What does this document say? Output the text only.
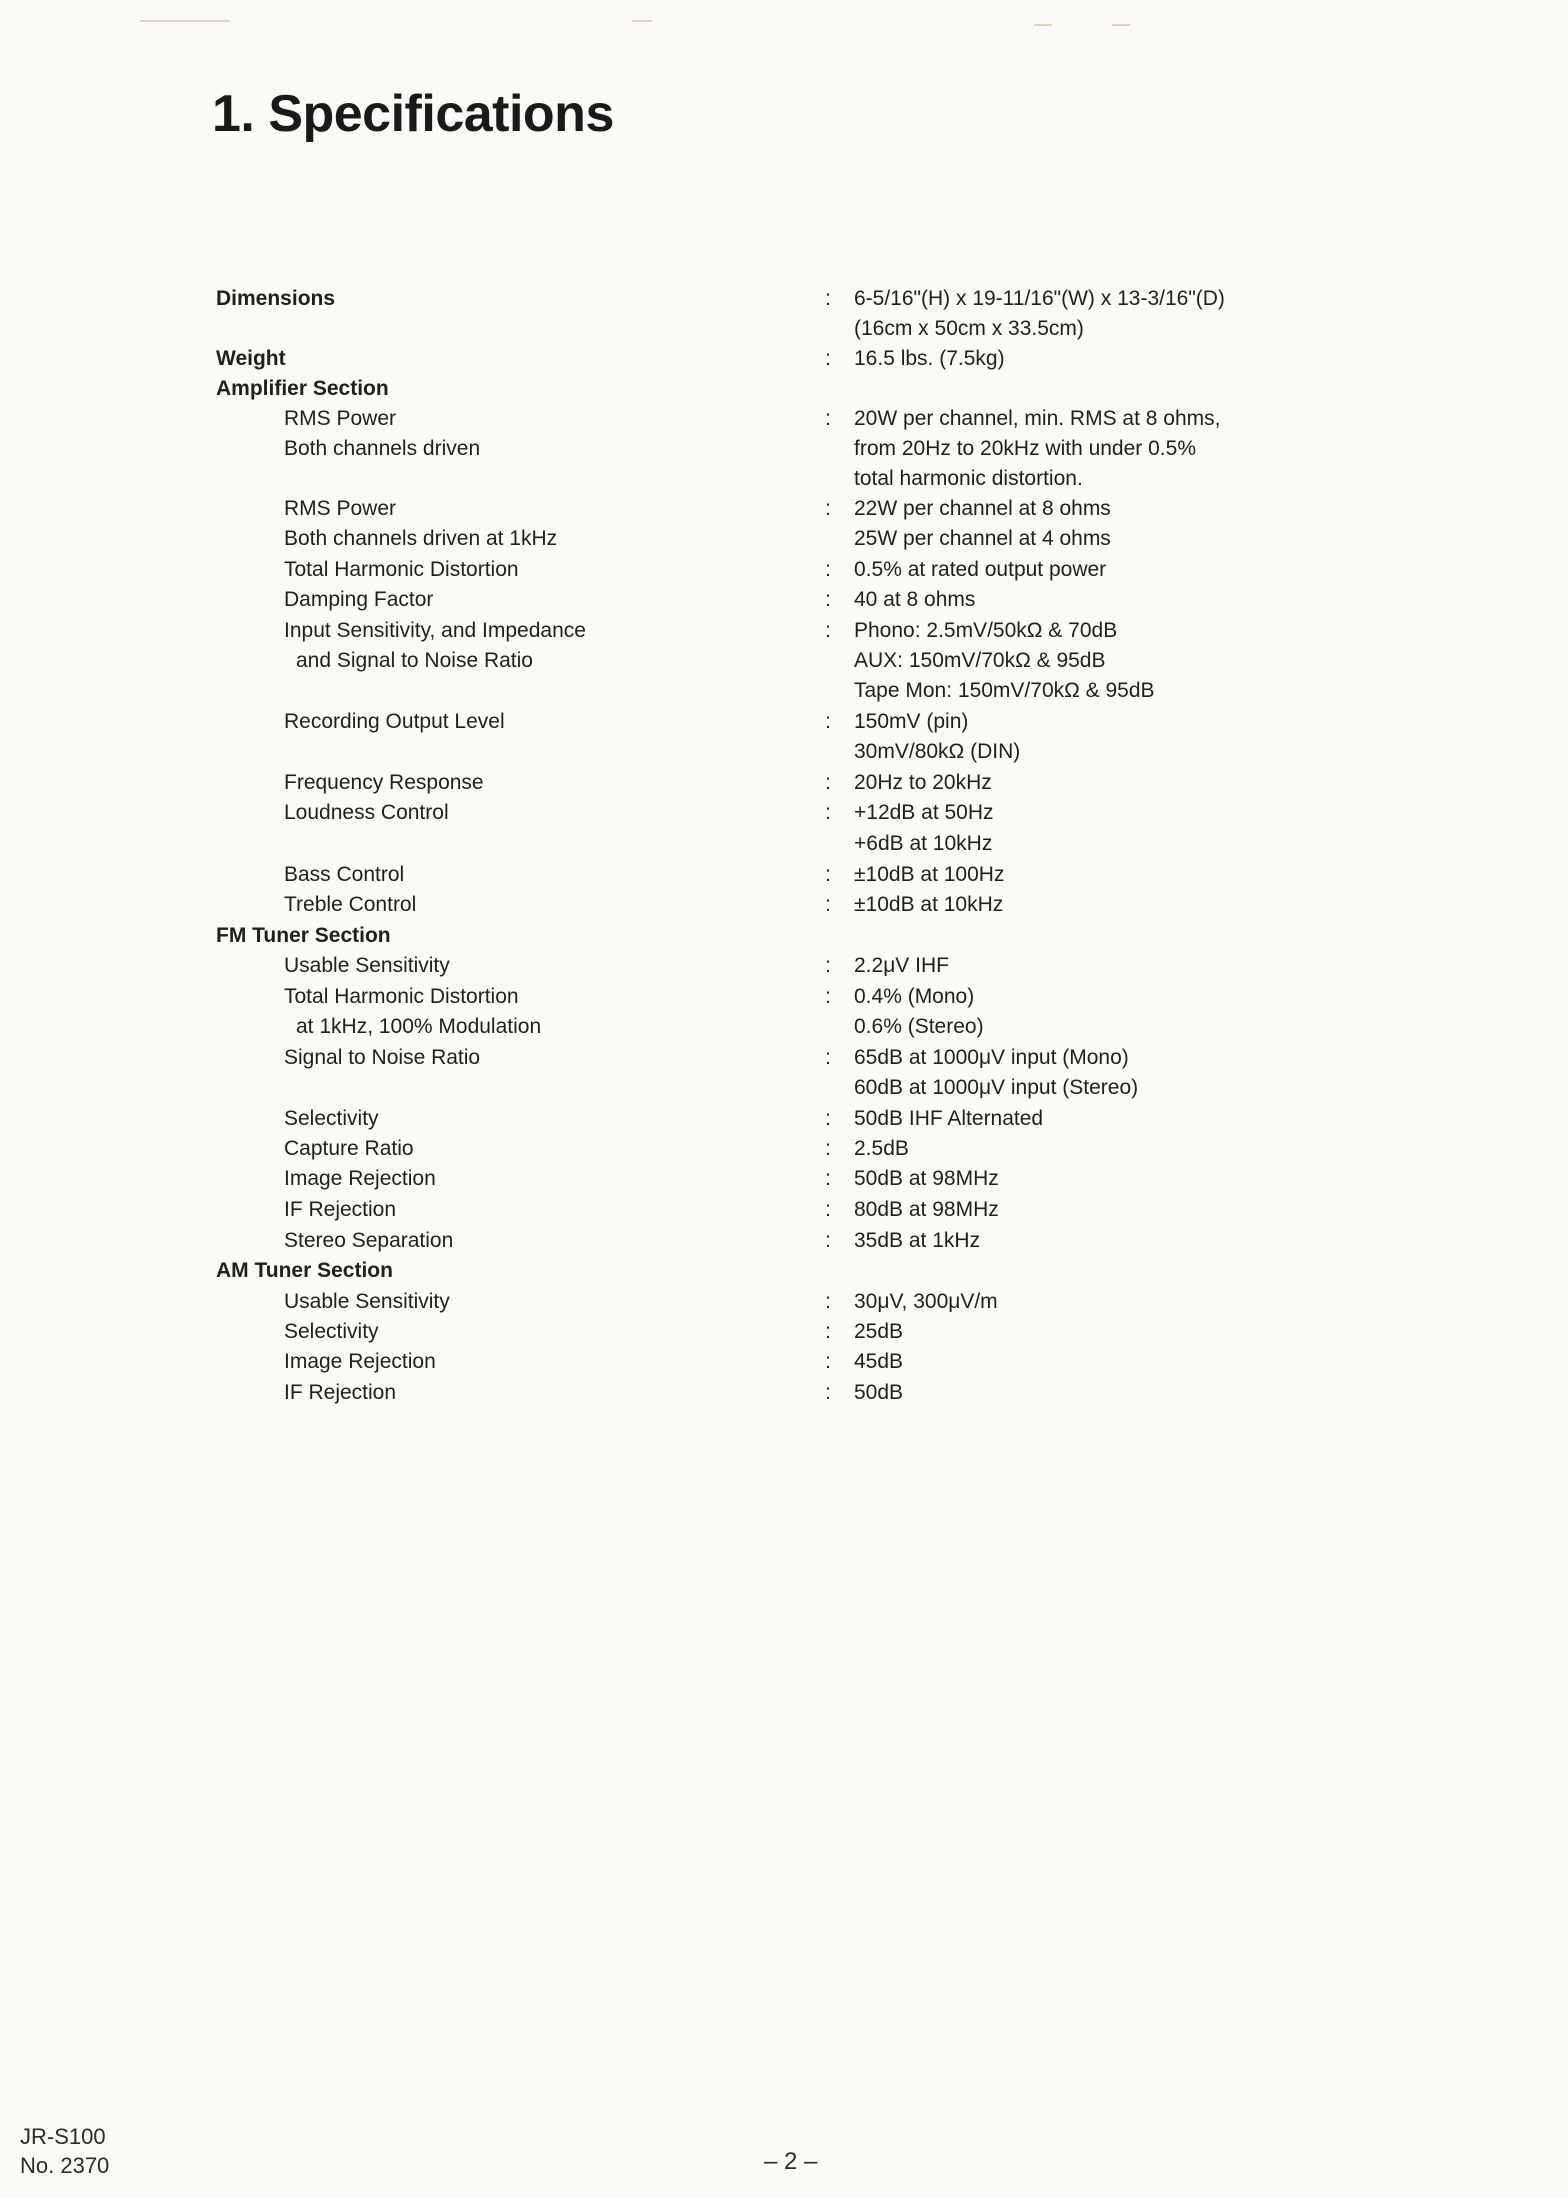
1. Specifications
Dimensions	: 6-5/16"(H) x 19-11/16"(W) x 13-3/16"(D)
(16cm x 50cm x 33.5cm)
Weight	: 16.5 lbs. (7.5kg)
Amplifier Section
RMS Power	: 20W per channel, min. RMS at 8 ohms,
Both channels driven	from 20Hz to 20kHz with under 0.5%
total harmonic distortion.
RMS Power	: 22W per channel at 8 ohms
Both channels driven at 1kHz	25W per channel at 4 ohms
Total Harmonic Distortion	: 0.5% at rated output power
Damping Factor	: 40 at 8 ohms
Input Sensitivity, and Impedance	: Phono: 2.5mV/50kΩ & 70dB
and Signal to Noise Ratio	AUX: 150mV/70kΩ & 95dB
Tape Mon: 150mV/70kΩ & 95dB
Recording Output Level	: 150mV (pin)
30mV/80kΩ (DIN)
Frequency Response	: 20Hz to 20kHz
Loudness Control	: +12dB at 50Hz
+6dB at 10kHz
Bass Control	: ±10dB at 100Hz
Treble Control	: ±10dB at 10kHz
FM Tuner Section
Usable Sensitivity	: 2.2μV IHF
Total Harmonic Distortion	: 0.4% (Mono)
at 1kHz, 100% Modulation	0.6% (Stereo)
Signal to Noise Ratio	: 65dB at 1000μV input (Mono)
60dB at 1000μV input (Stereo)
Selectivity	: 50dB IHF Alternated
Capture Ratio	: 2.5dB
Image Rejection	: 50dB at 98MHz
IF Rejection	: 80dB at 98MHz
Stereo Separation	: 35dB at 1kHz
AM Tuner Section
Usable Sensitivity	: 30μV, 300μV/m
Selectivity	: 25dB
Image Rejection	: 45dB
IF Rejection	: 50dB
JR-S100
No. 2370	– 2 –
